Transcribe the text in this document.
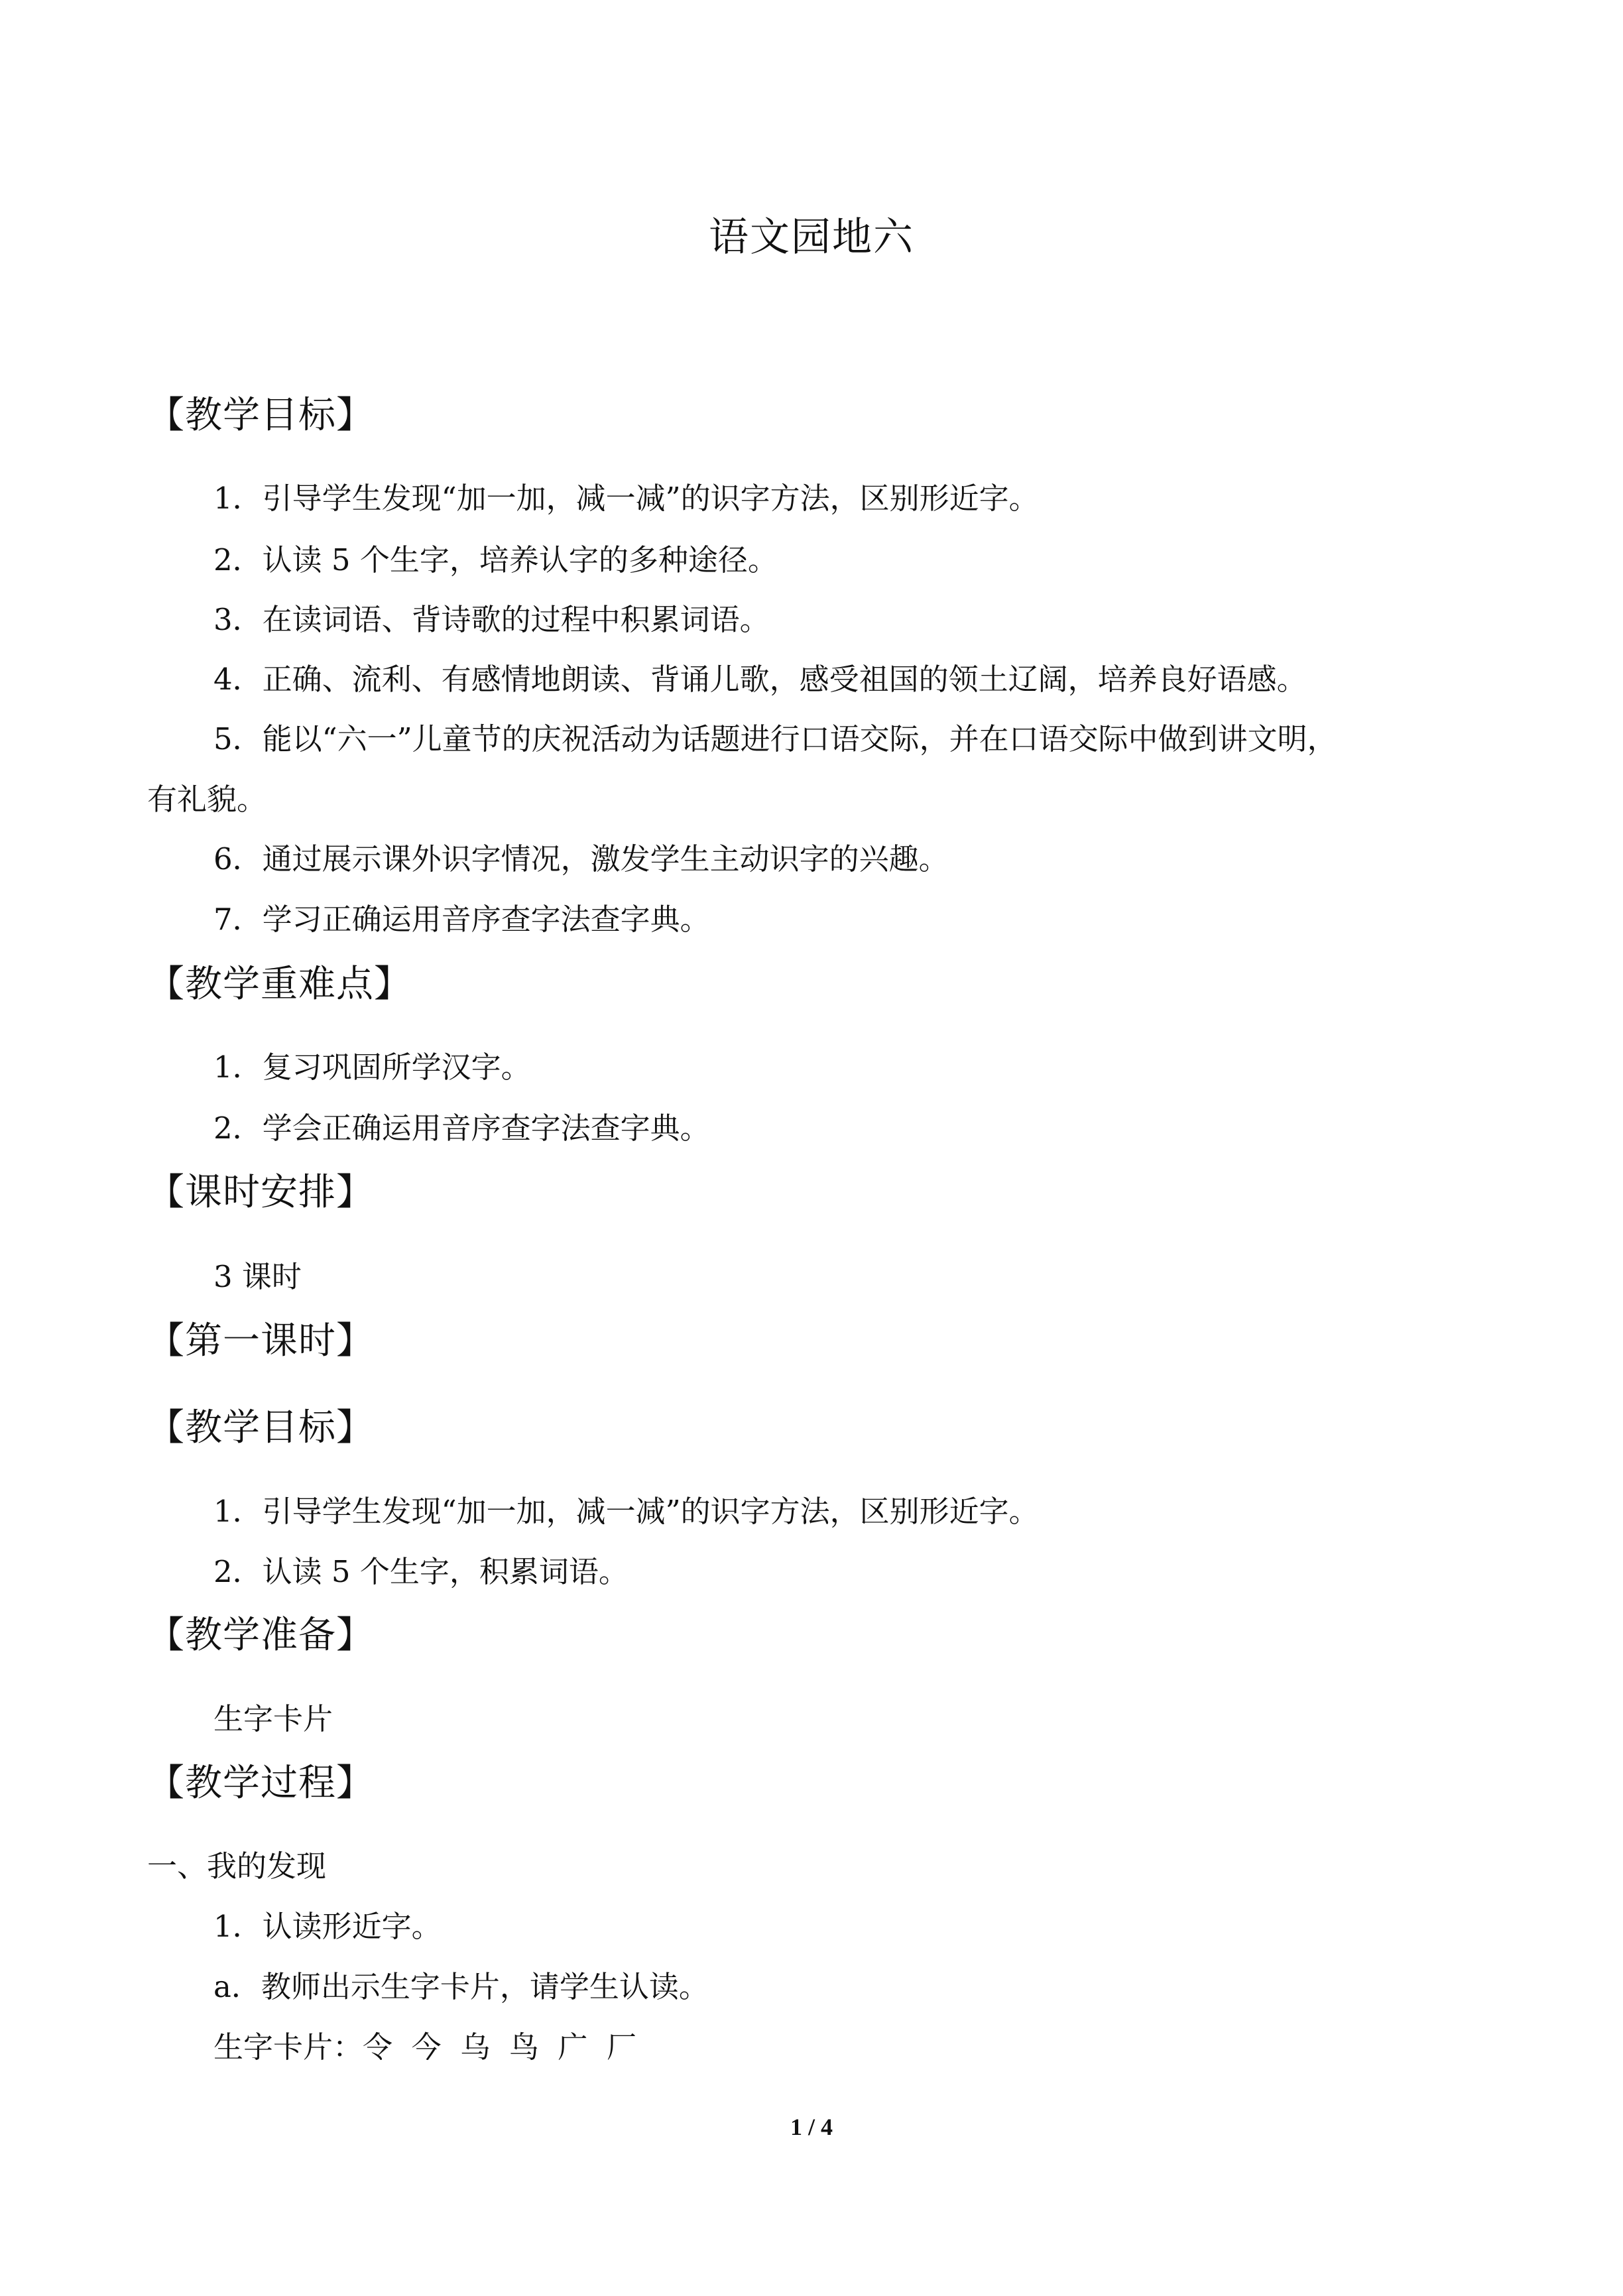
语文园地六
【教学目标】
1．引导学生发现“加一加，减一减”的识字方法，区别形近字。
2．认读 5 个生字，培养认字的多种途径。
3．在读词语、背诗歌的过程中积累词语。
4．正确、流利、有感情地朗读、背诵儿歌，感受祖国的领土辽阔，培养良好语感。
5．能以“六一”儿童节的庆祝活动为话题进行口语交际，并在口语交际中做到讲文明，
有礼貌。
6．通过展示课外识字情况，激发学生主动识字的兴趣。
7．学习正确运用音序查字法查字典。
【教学重难点】
1．复习巩固所学汉字。
2．学会正确运用音序查字法查字典。
【课时安排】
3 课时
【第一课时】
【教学目标】
1．引导学生发现“加一加，减一减”的识字方法，区别形近字。
2．认读 5 个生字，积累词语。
【教学准备】
生字卡片
【教学过程】
一、我的发现
1．认读形近字。
a．教师出示生字卡片，请学生认读。
生字卡片：令  今  乌  鸟  广  厂
1 / 4
